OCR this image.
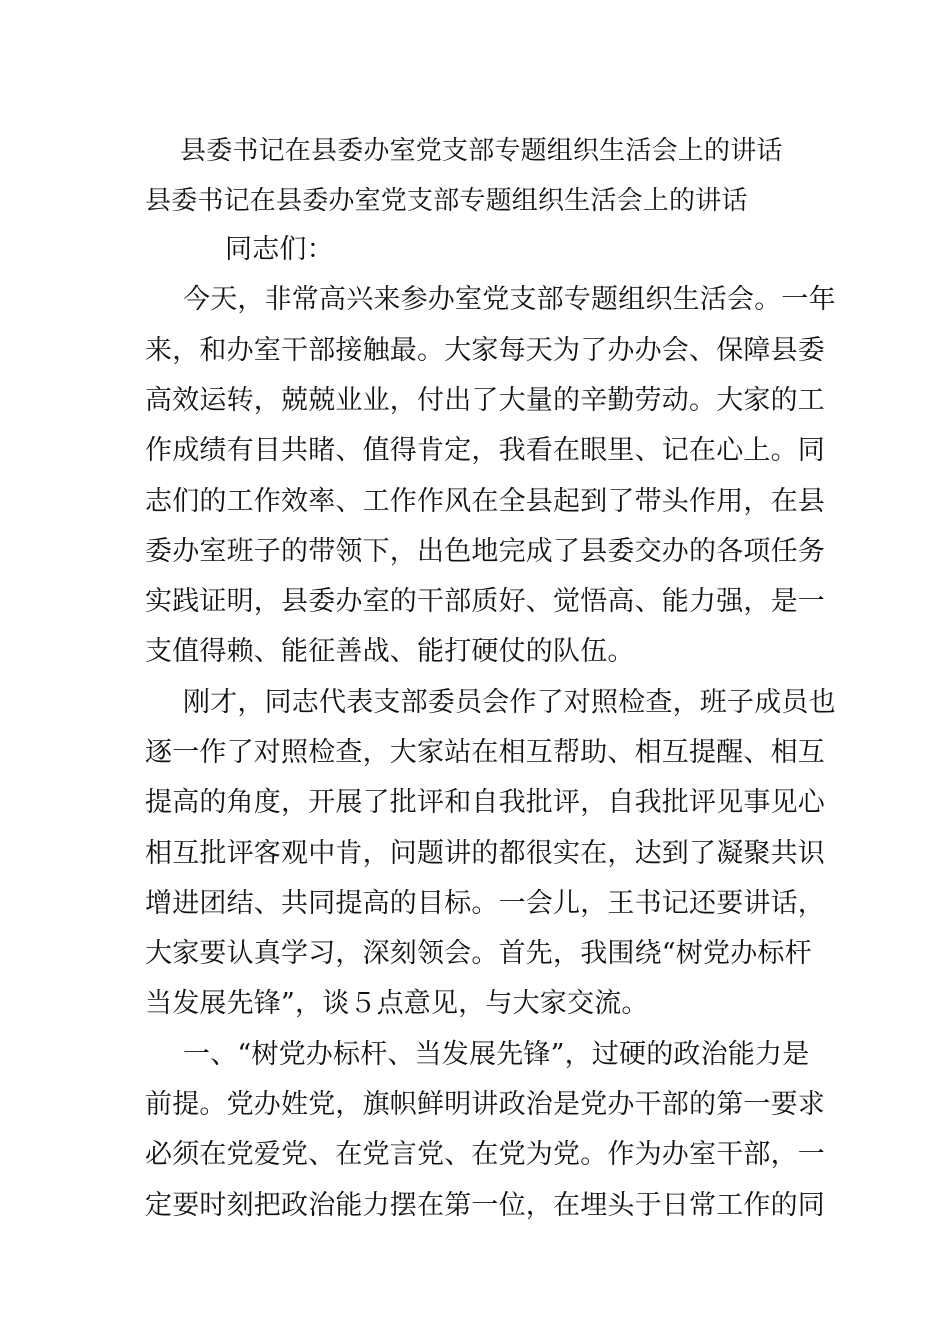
县委书记在县委办室党支部专题组织生活会上的讲话
县委书记在县委办室党支部专题组织生活会上的讲话
同志们：
今天，非常高兴来参办室党支部专题组织生活会。一年
来，和办室干部接触最。大家每天为了办办会、保障县委
高效运转，兢兢业业，付出了大量的辛勤劳动。大家的工
作成绩有目共睹、值得肯定，我看在眼里、记在心上。同
志们的工作效率、工作作风在全县起到了带头作用，在县
委办室班子的带领下，出色地完成了县委交办的各项任务
实践证明，县委办室的干部质好、觉悟高、能力强，是一
支值得赖、能征善战、能打硬仗的队伍。
刚才，同志代表支部委员会作了对照检查，班子成员也
逐一作了对照检查，大家站在相互帮助、相互提醒、相互
提高的角度，开展了批评和自我批评，自我批评见事见心
相互批评客观中肯，问题讲的都很实在，达到了凝聚共识
增进团结、共同提高的目标。一会儿，王书记还要讲话，
大家要认真学习，深刻领会。首先，我围绕“树党办标杆
当发展先锋”，谈５点意见，与大家交流。
一、“树党办标杆、当发展先锋”，过硬的政治能力是
前提。党办姓党，旗帜鲜明讲政治是党办干部的第一要求
必须在党爱党、在党言党、在党为党。作为办室干部，一
定要时刻把政治能力摆在第一位，在埋头于日常工作的同
